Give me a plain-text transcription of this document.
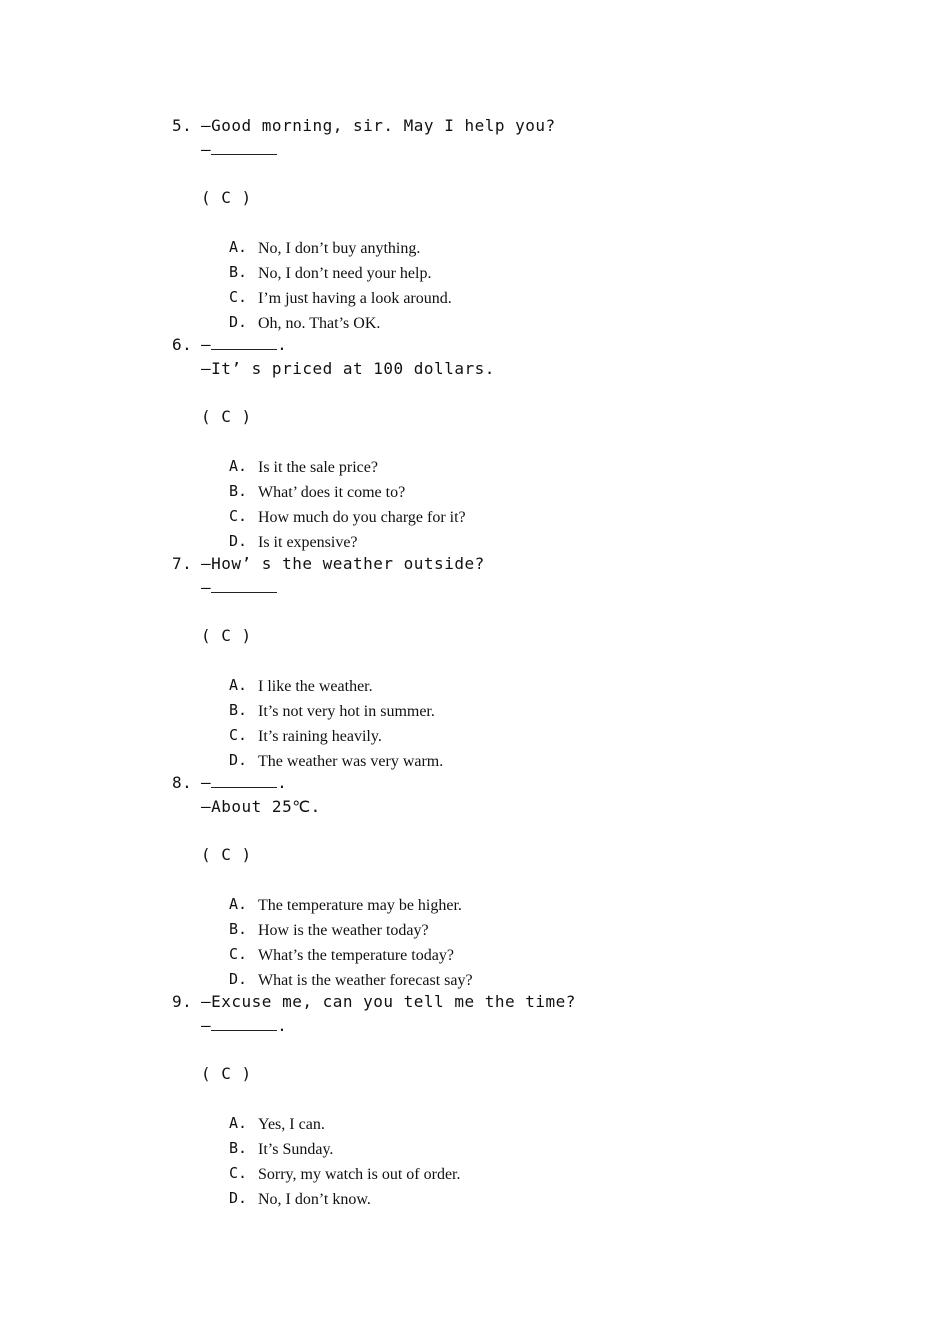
5. —Good morning, sir. May I help you?
—
( C )
A. No, I don’t buy anything.
B. No, I don’t need your help.
C. I’m just having a look around.
D. Oh, no. That’s OK.
6. —	.
—It’ s priced at 100 dollars.
( C )
A. Is it the sale price?
B. What’ does it come to?
C. How much do you charge for it?
D. Is it expensive?
7. —How’ s the weather outside?
—
( C )
A. I like the weather.
B. It’s not very hot in summer.
C. It’s raining heavily.
D. The weather was very warm.
8. —	.
—About 25℃.
( C )
A. The temperature may be higher.
B. How is the weather today?
C. What’s the temperature today?
D. What is the weather forecast say?
9. —Excuse me, can you tell me the time?
—	.
( C )
A. Yes, I can.
B. It’s Sunday.
C. Sorry, my watch is out of order.
D. No, I don’t know.
